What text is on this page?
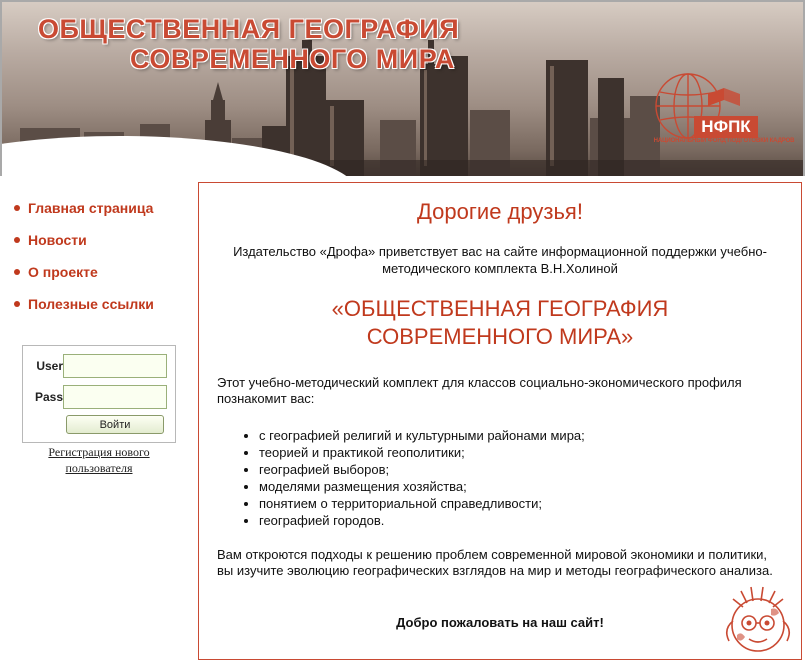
ОБЩЕСТВЕННАЯ ГЕОГРАФИЯ
СОВРЕМЕННОГО МИРА
НФПК
НАЦИОНАЛЬНЫЙ ФОНД ПОДГОТОВКИ КАДРОВ
Главная страница
Новости
О проекте
Полезные ссылки
User
Pass
Войти
Регистрация нового пользователя
Дорогие друзья!
Издательство «Дрофа» приветствует вас на сайте информационной поддержки учебно-методического комплекта В.Н.Холиной
«ОБЩЕСТВЕННАЯ ГЕОГРАФИЯ
СОВРЕМЕННОГО МИРА»
Этот учебно-методический комплект для классов социально-экономического профиля познакомит вас:
• с географией религий и культурными районами мира;
• теорией и практикой геополитики;
• географией выборов;
• моделями размещения хозяйства;
• понятием о территориальной справедливости;
• географией городов.
Вам откроются подходы к решению проблем современной мировой экономики и политики, вы изучите эволюцию географических взглядов на мир и методы географического анализа.
Добро пожаловать на наш сайт!
